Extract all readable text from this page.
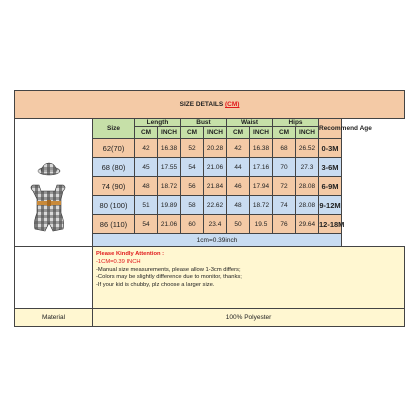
SIZE DETAILS (CM)										

	Size	Length		Bust		Waist		Hips		Recommend Age
		CM	INCH	CM	INCH	CM	INCH	CM	INCH	
	62(70)	42	16.38	52	20.28	42	16.38	68	26.52	0-3M
	68 (80)	45	17.55	54	21.06	44	17.16	70	27.3	3-6M
	74 (90)	48	18.72	56	21.84	46	17.94	72	28.08	6-9M
	80 (100)	51	19.89	58	22.62	48	18.72	74	28.08	9-12M
	86 (110)	54	21.06	60	23.4	50	19.5	76	29.64	12-18M
	1cm=0.39inch								

	Please Kindly Attention :
-1CM=0.39 INCH
-Manual size measurements, please allow 1-3cm differs;
-Colors may be slightly difference due to monitor, thanks;
-If your kid is chubby, plz choose a larger size.									

Material	100% Polyester									
